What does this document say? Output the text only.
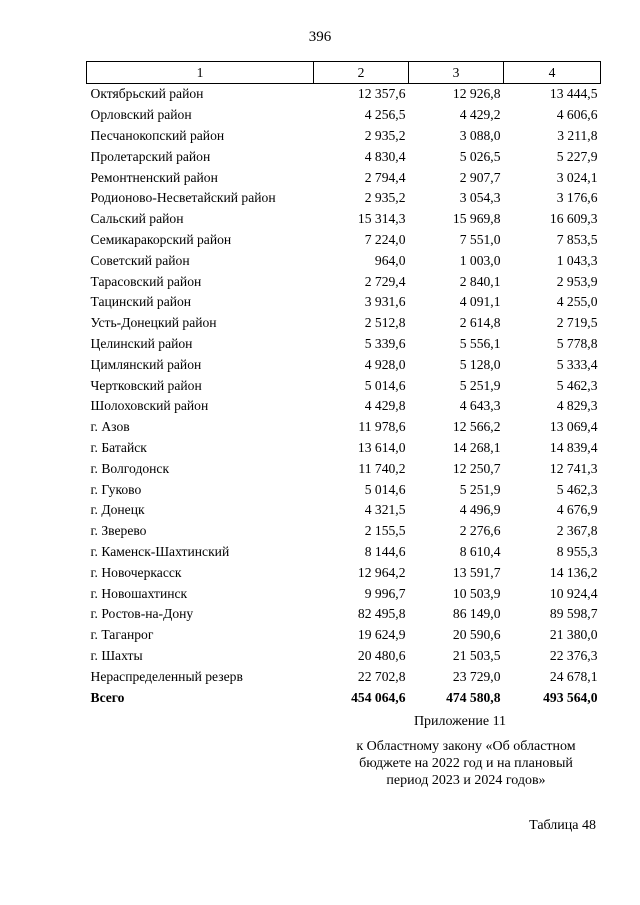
396
1	2	3	4
Октябрьский район	12 357,6	12 926,8	13 444,5
Орловский район	4 256,5	4 429,2	4 606,6
Песчанокопский район	2 935,2	3 088,0	3 211,8
Пролетарский район	4 830,4	5 026,5	5 227,9
Ремонтненский район	2 794,4	2 907,7	3 024,1
Родионово-Несветайский район	2 935,2	3 054,3	3 176,6
Сальский район	15 314,3	15 969,8	16 609,3
Семикаракорский район	7 224,0	7 551,0	7 853,5
Советский район	964,0	1 003,0	1 043,3
Тарасовский район	2 729,4	2 840,1	2 953,9
Тацинский район	3 931,6	4 091,1	4 255,0
Усть-Донецкий район	2 512,8	2 614,8	2 719,5
Целинский район	5 339,6	5 556,1	5 778,8
Цимлянский район	4 928,0	5 128,0	5 333,4
Чертковский район	5 014,6	5 251,9	5 462,3
Шолоховский район	4 429,8	4 643,3	4 829,3
г. Азов	11 978,6	12 566,2	13 069,4
г. Батайск	13 614,0	14 268,1	14 839,4
г. Волгодонск	11 740,2	12 250,7	12 741,3
г. Гуково	5 014,6	5 251,9	5 462,3
г. Донецк	4 321,5	4 496,9	4 676,9
г. Зверево	2 155,5	2 276,6	2 367,8
г. Каменск-Шахтинский	8 144,6	8 610,4	8 955,3
г. Новочеркасск	12 964,2	13 591,7	14 136,2
г. Новошахтинск	9 996,7	10 503,9	10 924,4
г. Ростов-на-Дону	82 495,8	86 149,0	89 598,7
г. Таганрог	19 624,9	20 590,6	21 380,0
г. Шахты	20 480,6	21 503,5	22 376,3
Нераспределенный резерв	22 702,8	23 729,0	24 678,1
Всего	454 064,6	474 580,8	493 564,0
Приложение 11
к Областному закону «Об областном бюджете на 2022 год и на плановый период 2023 и 2024 годов»
Таблица 48
